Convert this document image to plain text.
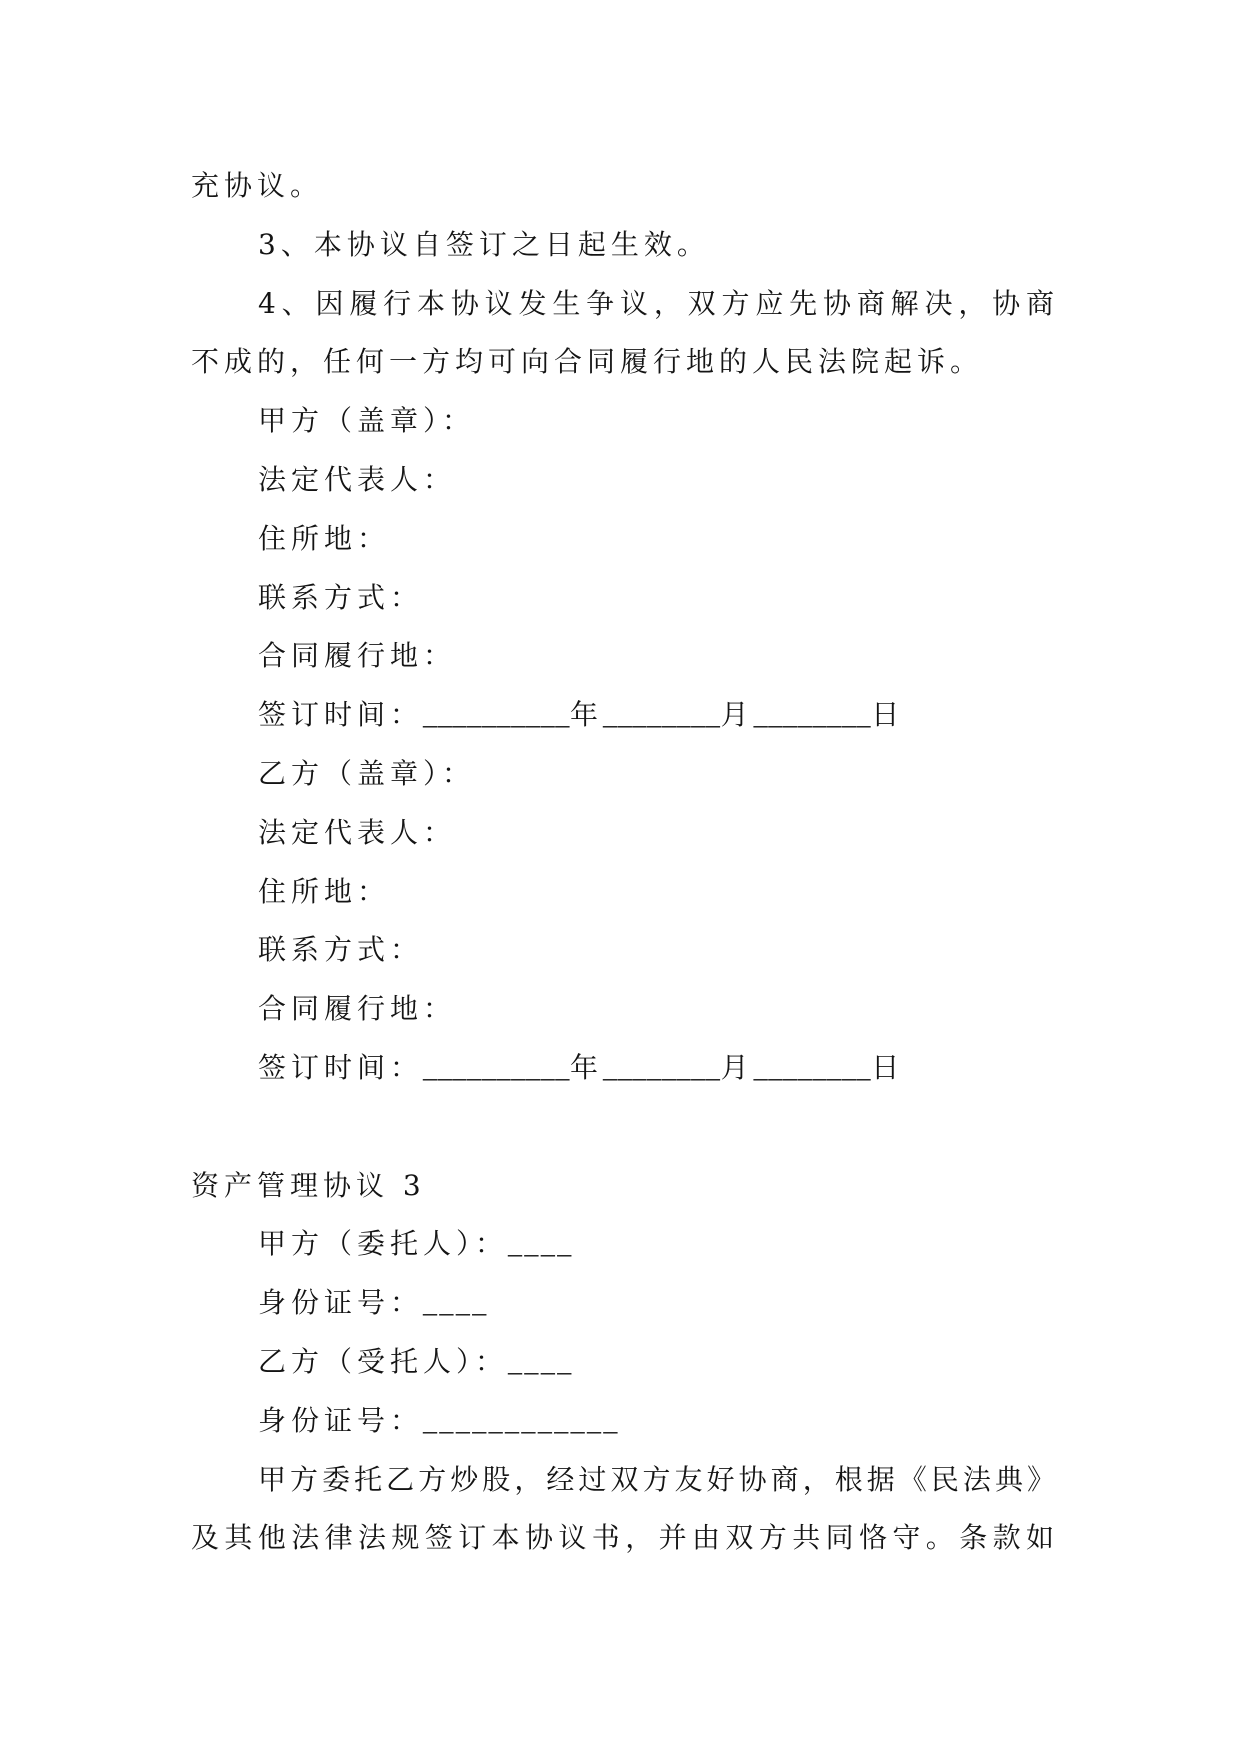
充协议。
3、本协议自签订之日起生效。
4、因履行本协议发生争议，双方应先协商解决，协商
不成的，任何一方均可向合同履行地的人民法院起诉。
甲方（盖章）：
法定代表人：
住所地：
联系方式：
合同履行地：
签订时间：__________年________月________日
乙方（盖章）：
法定代表人：
住所地：
联系方式：
合同履行地：
签订时间：__________年________月________日
资产管理协议 3
甲方（委托人）：____
身份证号：____
乙方（受托人）：____
身份证号：____________
甲方委托乙方炒股，经过双方友好协商，根据《民法典》
及其他法律法规签订本协议书，并由双方共同恪守。条款如
